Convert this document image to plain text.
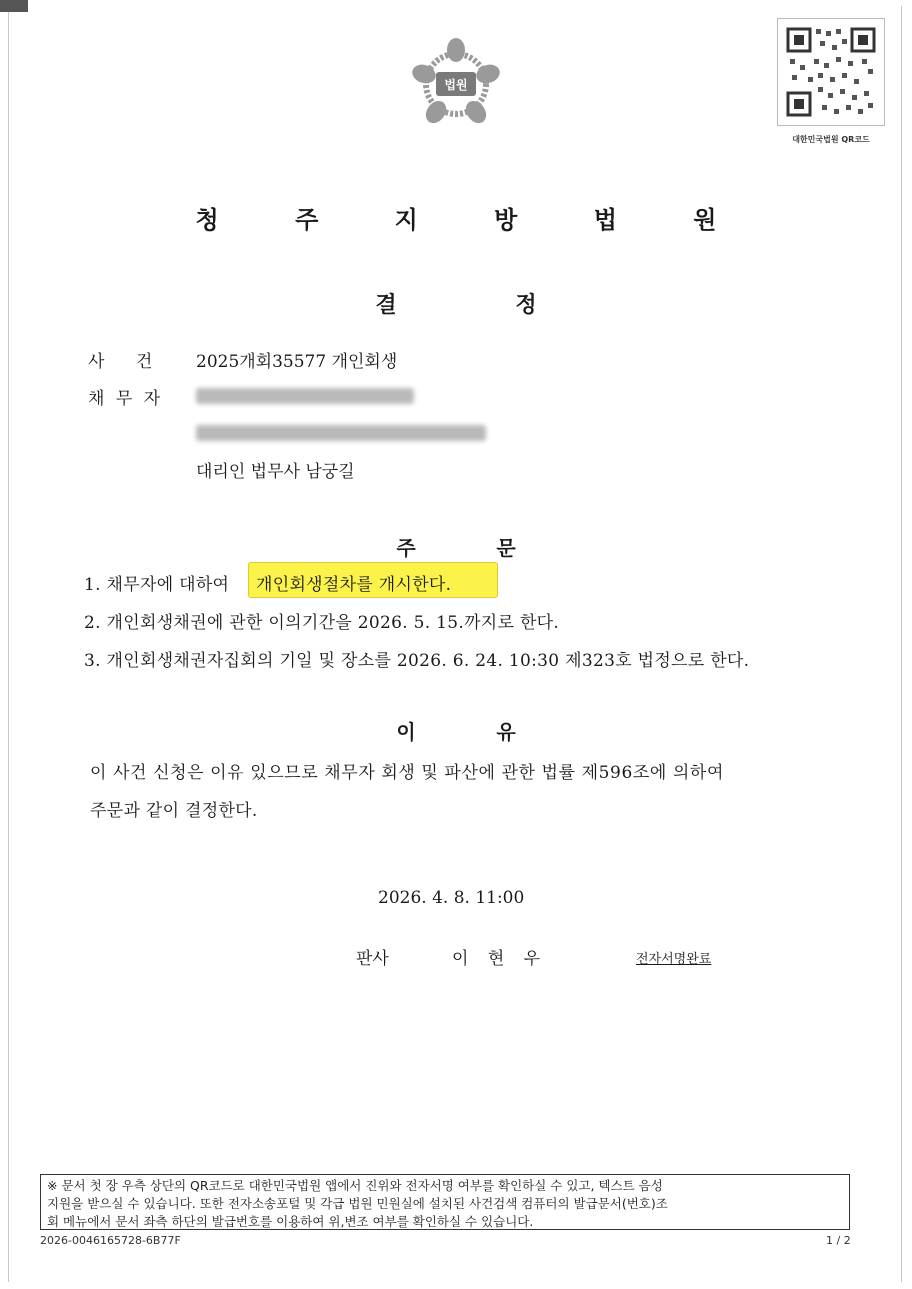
법원
대한민국법원 QR코드
청 주 지 방 법 원
결	정
사 건	2025개회35577 개인회생
채 무 자
대리인 법무사 남궁길
주	문
1. 채무자에 대하여 개인회생절차를 개시한다.
2. 개인회생채권에 관한 이의기간을 2026. 5. 15.까지로 한다.
3. 개인회생채권자집회의 기일 및 장소를 2026. 6. 24. 10:30 제323호 법정으로 한다.
이	유
이 사건 신청은 이유 있으므로 채무자 회생 및 파산에 관한 법률 제596조에 의하여
주문과 같이 결정한다.
2026. 4. 8. 11:00
판사	이 현 우	전자서명완료
※ 문서 첫 장 우측 상단의 QR코드로 대한민국법원 앱에서 진위와 전자서명 여부를 확인하실 수 있고, 텍스트 음성
지원을 받으실 수 있습니다. 또한 전자소송포털 및 각급 법원 민원실에 설치된 사건검색 컴퓨터의 발급문서(번호)조
회 메뉴에서 문서 좌측 하단의 발급번호를 이용하여 위,변조 여부를 확인하실 수 있습니다.
2026-0046165728-6B77F	1 / 2
